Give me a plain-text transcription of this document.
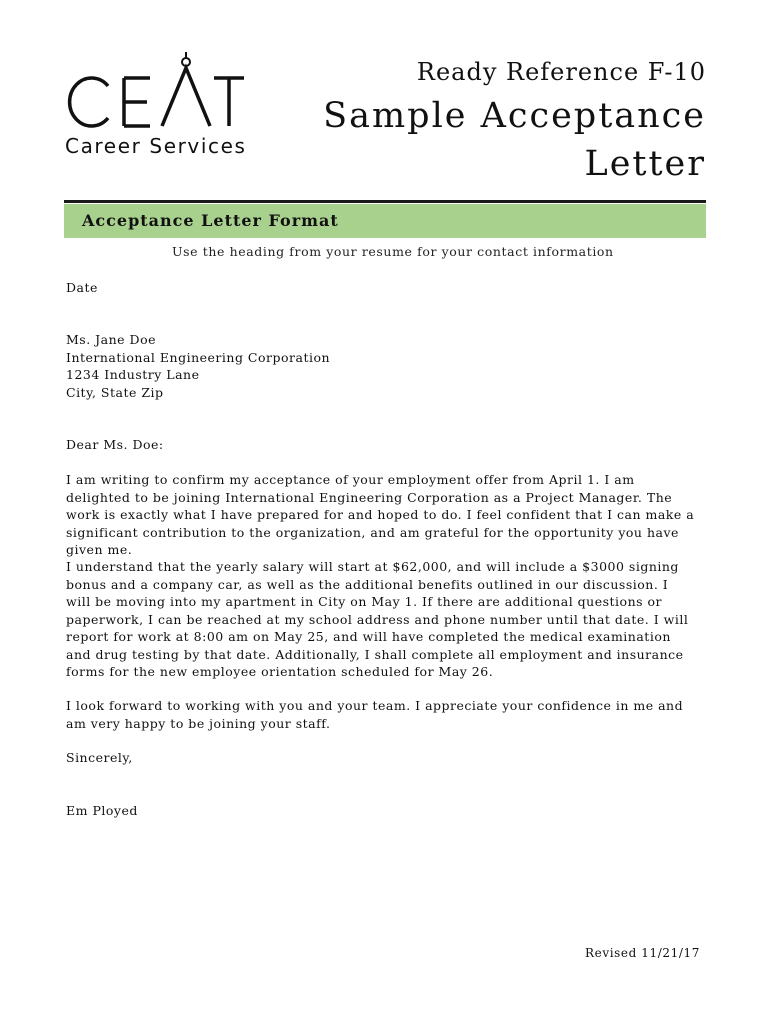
Career Services
Ready Reference F-10
Sample Acceptance
Letter
Acceptance Letter Format
Use the heading from your resume for your contact information
Date
Ms. Jane Doe
International Engineering Corporation
1234 Industry Lane
City, State Zip
Dear Ms. Doe:

I am writing to confirm my acceptance of your employment offer from April 1. I am delighted to be joining International Engineering Corporation as a Project Manager. The work is exactly what I have prepared for and hoped to do. I feel confident that I can make a significant contribution to the organization, and am grateful for the opportunity you have given me.

I understand that the yearly salary will start at $62,000, and will include a $3000 signing bonus and a company car, as well as the additional benefits outlined in our discussion. I will be moving into my apartment in City on May 1. If there are additional questions or paperwork, I can be reached at my school address and phone number until that date. I will report for work at 8:00 am on May 25, and will have completed the medical examination and drug testing by that date. Additionally, I shall complete all employment and insurance forms for the new employee orientation scheduled for May 26.

I look forward to working with you and your team. I appreciate your confidence in me and am very happy to be joining your staff.

Sincerely,
Em Ployed
Revised 11/21/17
